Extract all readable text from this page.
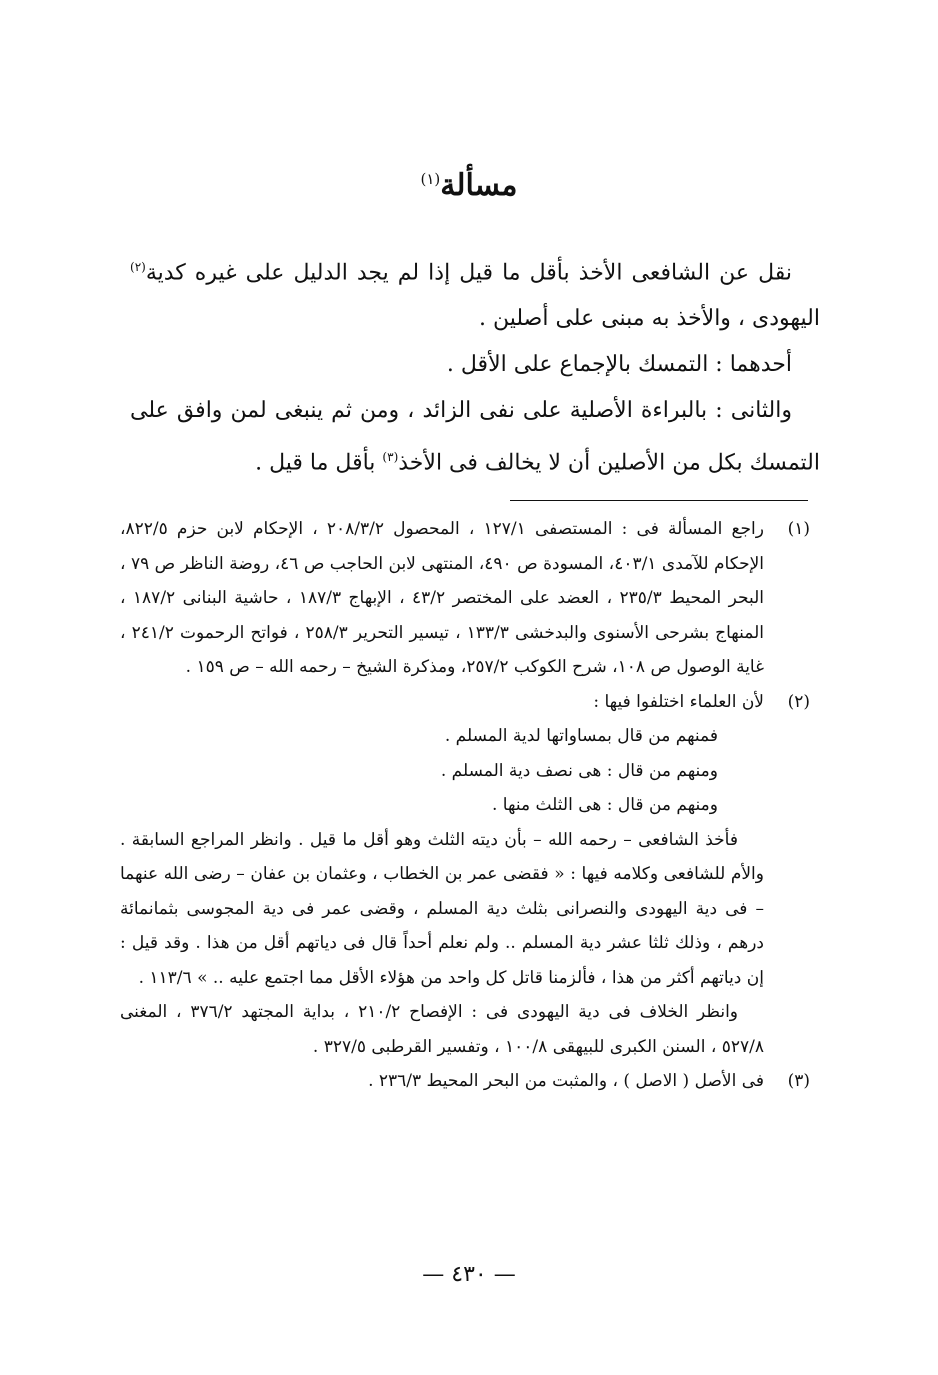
مسألة$^{(١)}$

نقل عن الشافعى الأخذ بأقل ما قيل إذا لم يجد الدليل على غيره كدية$^{(٢)}$ اليهودى ، والأخذ به مبنى على أصلين .

أحدهما : التمسك بالإجماع على الأقل .

والثانى : بالبراءة الأصلية على نفى الزائد ، ومن ثم ينبغى لمن وافق على التمسك بكل من الأصلين أن لا يخالف فى الأخذ$^{(٣)}$ بأقل ما قيل .

(١)

راجع المسألة فى : المستصفى ١٢٧/١ ، المحصول ٢٠٨/٣/٢ ، الإحكام لابن حزم ٨٢٢/٥، الإحكام للآمدى ٤٠٣/١، المسودة ص ٤٩٠، المنتهى لابن الحاجب ص ٤٦، روضة الناظر ص ٧٩ ، البحر المحيط ٢٣٥/٣ ، العضد على المختصر ٤٣/٢ ، الإبهاج ١٨٧/٣ ، حاشية البنانى ١٨٧/٢ ، المنهاج بشرحى الأسنوى والبدخشى ١٣٣/٣ ، تيسير التحرير ٢٥٨/٣ ، فواتح الرحموت ٢٤١/٢ ، غاية الوصول ص ١٠٨، شرح الكوكب ٢٥٧/٢، ومذكرة الشيخ – رحمه الله – ص ١٥٩ .

(٢)

لأن العلماء اختلفوا فيها :

فمنهم من قال بمساواتها لدية المسلم .

ومنهم من قال : هى نصف دية المسلم .

ومنهم من قال : هى الثلث منها .

فأخذ الشافعى – رحمه الله – بأن ديته الثلث وهو أقل ما قيل . وانظر المراجع السابقة . والأم للشافعى وكلامه فيها : « فقضى عمر بن الخطاب ، وعثمان بن عفان – رضى الله عنهما – فى دية اليهودى والنصرانى بثلث دية المسلم ، وقضى عمر فى دية المجوسى بثمانمائة درهم ، وذلك ثلثا عشر دية المسلم .. ولم نعلم أحداً قال فى دياتهم أقل من هذا . وقد قيل : إن دياتهم أكثر من هذا ، فألزمنا قاتل كل واحد من هؤلاء الأقل مما اجتمع عليه .. » ١١٣/٦ .

وانظر الخلاف فى دية اليهودى فى : الإفصاح ٢١٠/٢ ، بداية المجتهد ٣٧٦/٢ ، المغنى ٥٢٧/٨ ، السنن الكبرى للبيهقى ١٠٠/٨ ، وتفسير القرطبى ٣٢٧/٥ .

(٣)

فى الأصل ( الاصل ) ، والمثبت من البحر المحيط ٢٣٦/٣ .

— ٤٣٠ —
